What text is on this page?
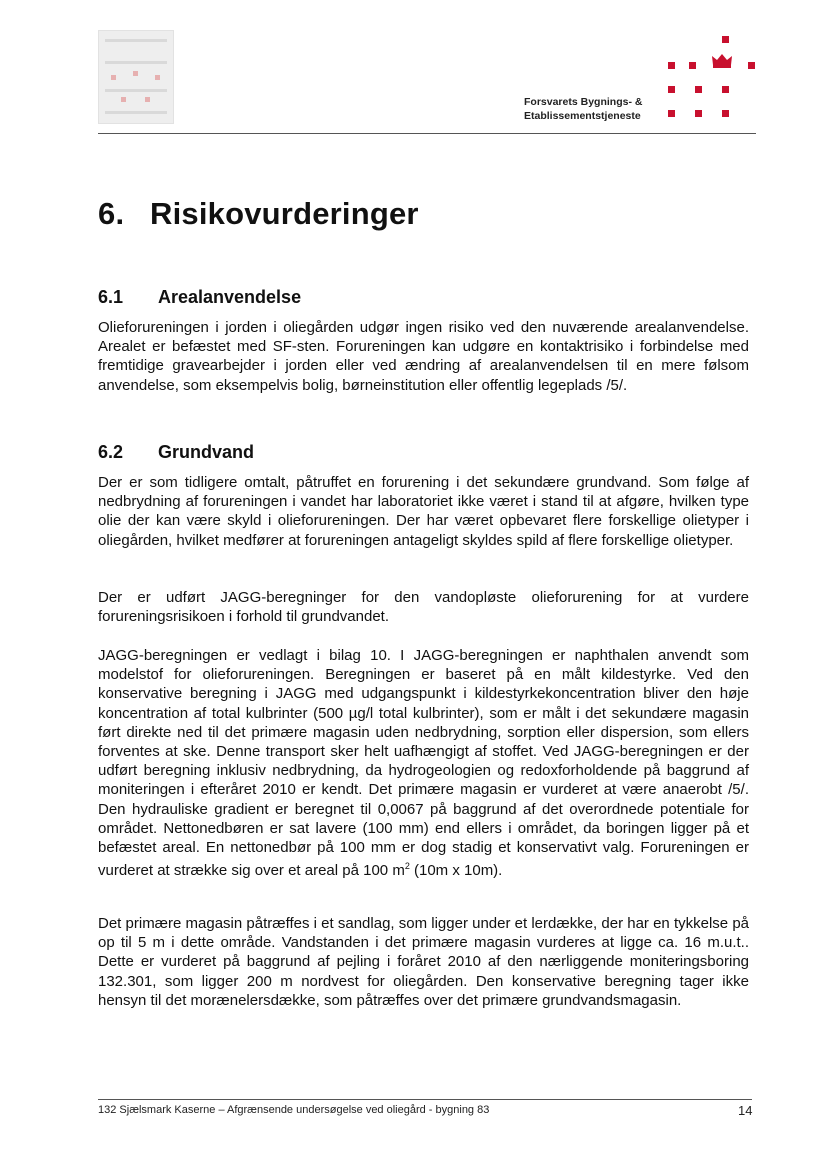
Forsvarets Bygnings- &
Etablissementstjeneste
6. Risikovurderinger
6.1 Arealanvendelse

Olieforureningen i jorden i oliegården udgør ingen risiko ved den nuværende arealanvendelse. Arealet er befæstet med SF-sten. Forureningen kan udgøre en kontaktrisiko i forbindelse med fremtidige gravearbejder i jorden eller ved ændring af arealanvendelsen til en mere følsom anvendelse, som eksempelvis bolig, børneinstitution eller offentlig legeplads /5/.

6.2 Grundvand

Der er som tidligere omtalt, påtruffet en forurening i det sekundære grundvand. Som følge af nedbrydning af forureningen i vandet har laboratoriet ikke været i stand til at afgøre, hvilken type olie der kan være skyld i olieforureningen. Der har været opbevaret flere forskellige olietyper i oliegården, hvilket medfører at forureningen antageligt skyldes spild af flere forskellige olietyper.

Der er udført JAGG-beregninger for den vandopløste olieforurening for at vurdere forureningsrisikoen i forhold til grundvandet.

JAGG-beregningen er vedlagt i bilag 10. I JAGG-beregningen er naphthalen anvendt som modelstof for olieforureningen. Beregningen er baseret på en målt kildestyrke. Ved den konservative beregning i JAGG med udgangspunkt i kildestyrkekoncentration bliver den høje koncentration af total kulbrinter (500 µg/l total kulbrinter), som er målt i det sekundære magasin ført direkte ned til det primære magasin uden nedbrydning, sorption eller dispersion, som ellers forventes at ske. Denne transport sker helt uafhængigt af stoffet. Ved JAGG-beregningen er der udført beregning inklusiv nedbrydning, da hydrogeologien og redoxforholdende på baggrund af moniteringen i efteråret 2010 er kendt. Det primære magasin er vurderet at være anaerobt /5/. Den hydrauliske gradient er beregnet til 0,0067 på baggrund af det overordnede potentiale for området. Nettonedbøren er sat lavere (100 mm) end ellers i området, da boringen ligger på et befæstet areal. En nettonedbør på 100 mm er dog stadig et konservativt valg. Forureningen er vurderet at strække sig over et areal på 100 $m^2$ (10m x 10m).

Det primære magasin påtræffes i et sandlag, som ligger under et lerdække, der har en tykkelse på op til 5 m i dette område. Vandstanden i det primære magasin vurderes at ligge ca. 16 m.u.t.. Dette er vurderet på baggrund af pejling i foråret 2010 af den nærliggende moniteringsboring 132.301, som ligger 200 m nordvest for oliegården. Den konservative beregning tager ikke hensyn til det morænelersdække, som påtræffes over det primære grundvandsmagasin.

132 Sjælsmark Kaserne – Afgrænsende undersøgelse ved oliegård - bygning 83	14
